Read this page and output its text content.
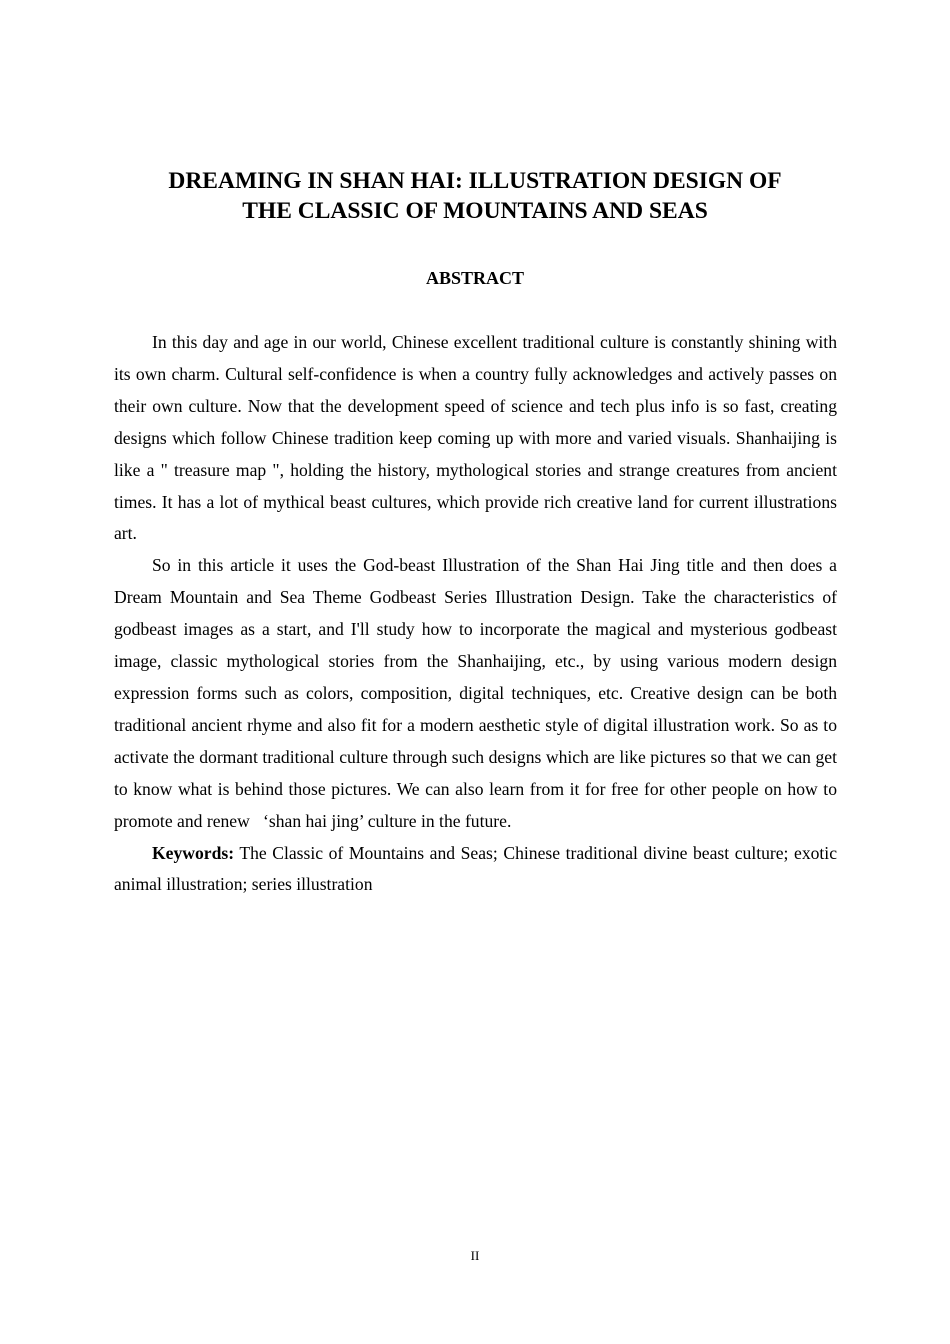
DREAMING IN SHAN HAI: ILLUSTRATION DESIGN OF
THE CLASSIC OF MOUNTAINS AND SEAS
ABSTRACT

In this day and age in our world, Chinese excellent traditional culture is constantly shining with its own charm. Cultural self-confidence is when a country fully acknowledges and actively passes on their own culture. Now that the development speed of science and tech plus info is so fast, creating designs which follow Chinese tradition keep coming up with more and varied visuals. Shanhaijing is like a " treasure map ", holding the history, mythological stories and strange creatures from ancient times. It has a lot of mythical beast cultures, which provide rich creative land for current illustrations art.

So in this article it uses the God-beast Illustration of the Shan Hai Jing title and then does a Dream Mountain and Sea Theme Godbeast Series Illustration Design. Take the characteristics of godbeast images as a start, and I'll study how to incorporate the magical and mysterious godbeast image, classic mythological stories from the Shanhaijing, etc., by using various modern design expression forms such as colors, composition, digital techniques, etc. Creative design can be both traditional ancient rhyme and also fit for a modern aesthetic style of digital illustration work. So as to activate the dormant traditional culture through such designs which are like pictures so that we can get to know what is behind those pictures. We can also learn from it for free for other people on how to promote and renew   ‘shan hai jing’ culture in the future.

Keywords: The Classic of Mountains and Seas; Chinese traditional divine beast culture; exotic animal illustration; series illustration

II
